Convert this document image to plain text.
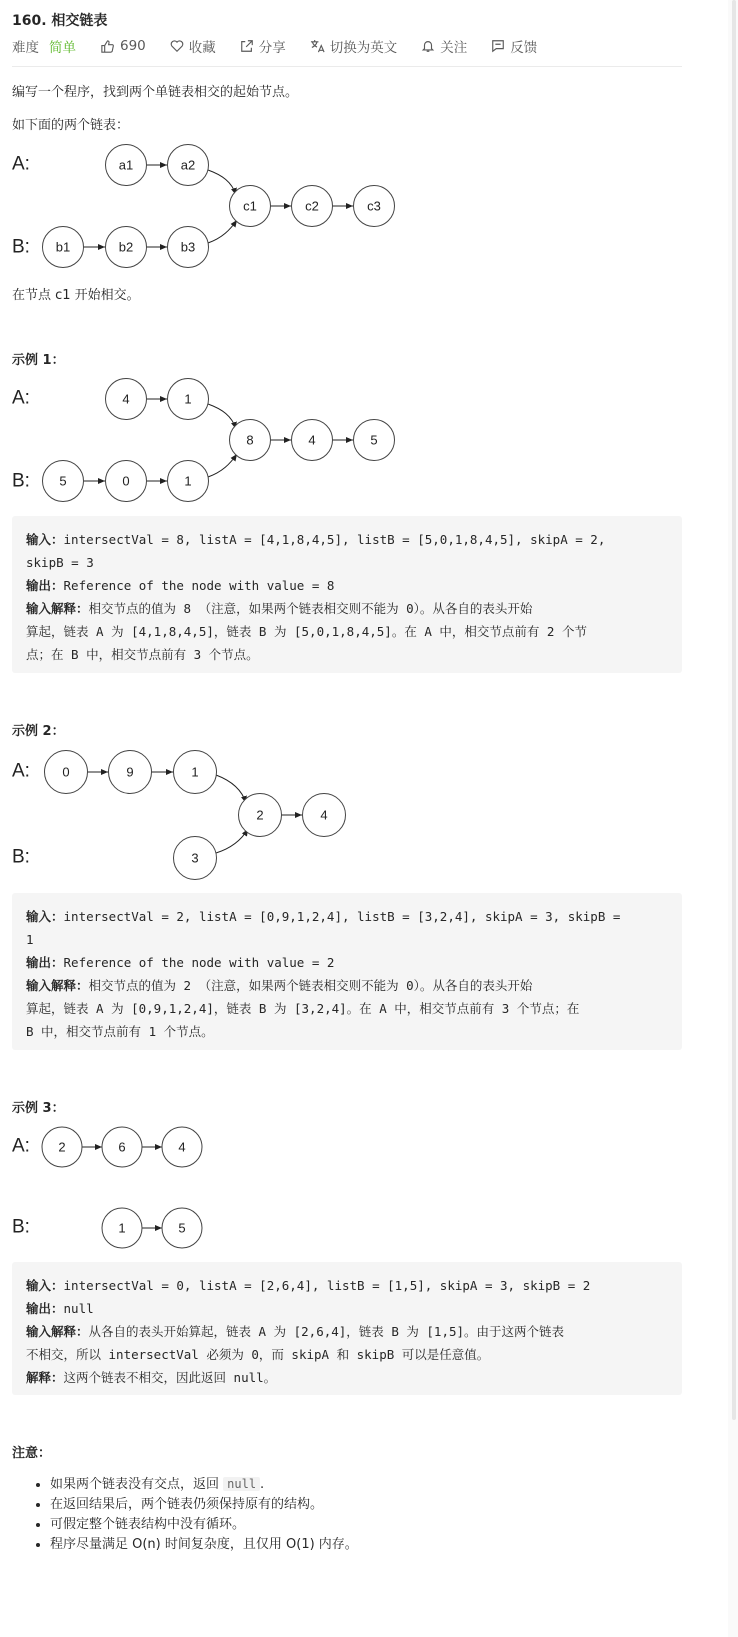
160. 相交链表
难度 简单	690	收藏	分享	切换为英文	关注	反馈
编写一个程序，找到两个单链表相交的起始节点。
如下面的两个链表：
A:
B:
a1	a2
b1	b2	b3
c1	c2	c3
在节点 c1 开始相交。
示例 1：
A:
B:
4	1
5	0	1
8	4	5
输入：intersectVal = 8, listA = [4,1,8,4,5], listB = [5,0,1,8,4,5], skipA = 2,
skipB = 3
输出：Reference of the node with value = 8
输入解释：相交节点的值为 8 （注意，如果两个链表相交则不能为 0）。从各自的表头开始
算起，链表 A 为 [4,1,8,4,5]，链表 B 为 [5,0,1,8,4,5]。在 A 中，相交节点前有 2 个节
点；在 B 中，相交节点前有 3 个节点。
示例 2：
A:
B:
0	9	1
3
2	4
输入：intersectVal = 2, listA = [0,9,1,2,4], listB = [3,2,4], skipA = 3, skipB =
1
输出：Reference of the node with value = 2
输入解释：相交节点的值为 2 （注意，如果两个链表相交则不能为 0）。从各自的表头开始
算起，链表 A 为 [0,9,1,2,4]，链表 B 为 [3,2,4]。在 A 中，相交节点前有 3 个节点；在
B 中，相交节点前有 1 个节点。
示例 3：
A:
B:
2	6	4
1	5
输入：intersectVal = 0, listA = [2,6,4], listB = [1,5], skipA = 3, skipB = 2
输出：null
输入解释：从各自的表头开始算起，链表 A 为 [2,6,4]，链表 B 为 [1,5]。由于这两个链表
不相交，所以 intersectVal 必须为 0，而 skipA 和 skipB 可以是任意值。
解释：这两个链表不相交，因此返回 null。
注意：
• 如果两个链表没有交点，返回 null .
• 在返回结果后，两个链表仍须保持原有的结构。
• 可假定整个链表结构中没有循环。
• 程序尽量满足 O(n) 时间复杂度，且仅用 O(1) 内存。
